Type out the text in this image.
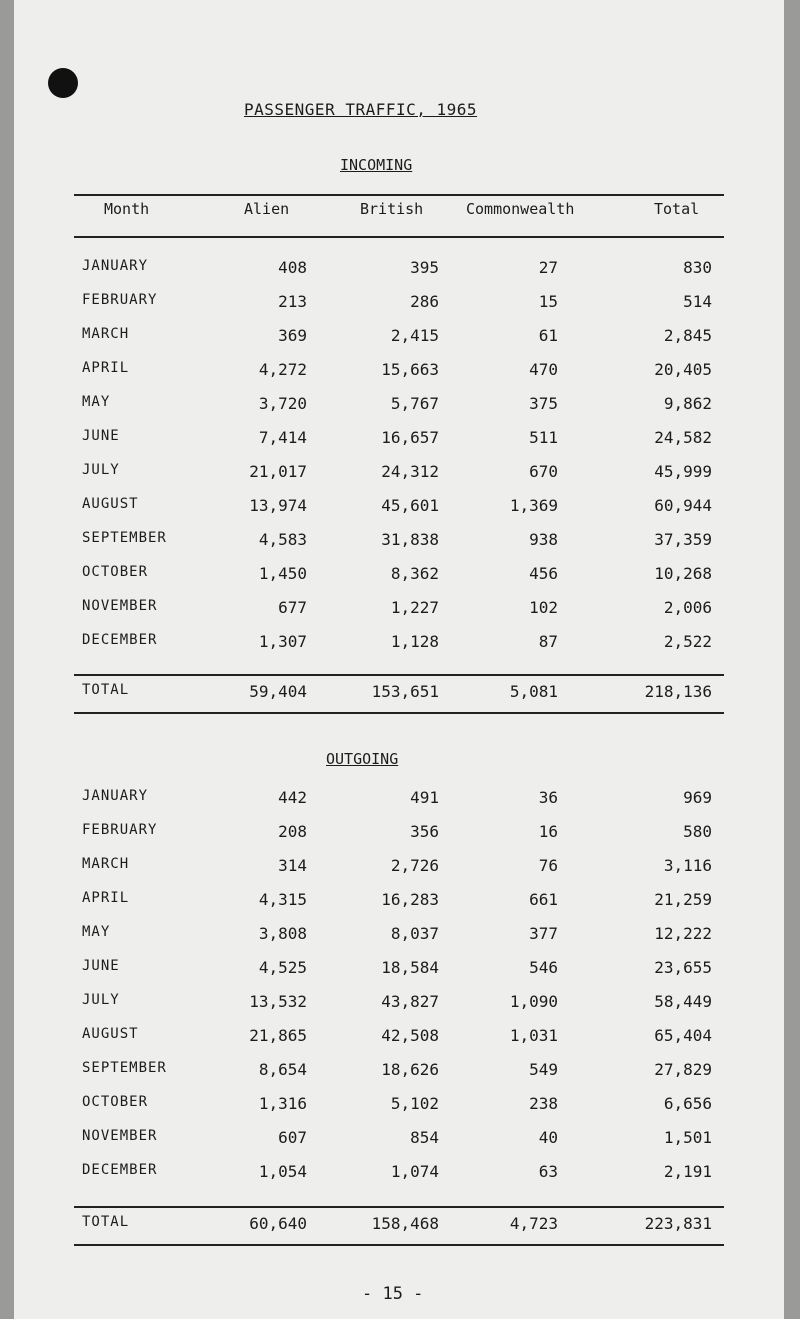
PASSENGER TRAFFIC, 1965
INCOMING
Month	Alien	British	Commonwealth	Total
JANUARY	408	395	27	830
FEBRUARY	213	286	15	514
MARCH	369	2,415	61	2,845
APRIL	4,272	15,663	470	20,405
MAY	3,720	5,767	375	9,862
JUNE	7,414	16,657	511	24,582
JULY	21,017	24,312	670	45,999
AUGUST	13,974	45,601	1,369	60,944
SEPTEMBER	4,583	31,838	938	37,359
OCTOBER	1,450	8,362	456	10,268
NOVEMBER	677	1,227	102	2,006
DECEMBER	1,307	1,128	87	2,522
TOTAL	59,404	153,651	5,081	218,136
OUTGOING
JANUARY	442	491	36	969
FEBRUARY	208	356	16	580
MARCH	314	2,726	76	3,116
APRIL	4,315	16,283	661	21,259
MAY	3,808	8,037	377	12,222
JUNE	4,525	18,584	546	23,655
JULY	13,532	43,827	1,090	58,449
AUGUST	21,865	42,508	1,031	65,404
SEPTEMBER	8,654	18,626	549	27,829
OCTOBER	1,316	5,102	238	6,656
NOVEMBER	607	854	40	1,501
DECEMBER	1,054	1,074	63	2,191
TOTAL	60,640	158,468	4,723	223,831
- 15 -
